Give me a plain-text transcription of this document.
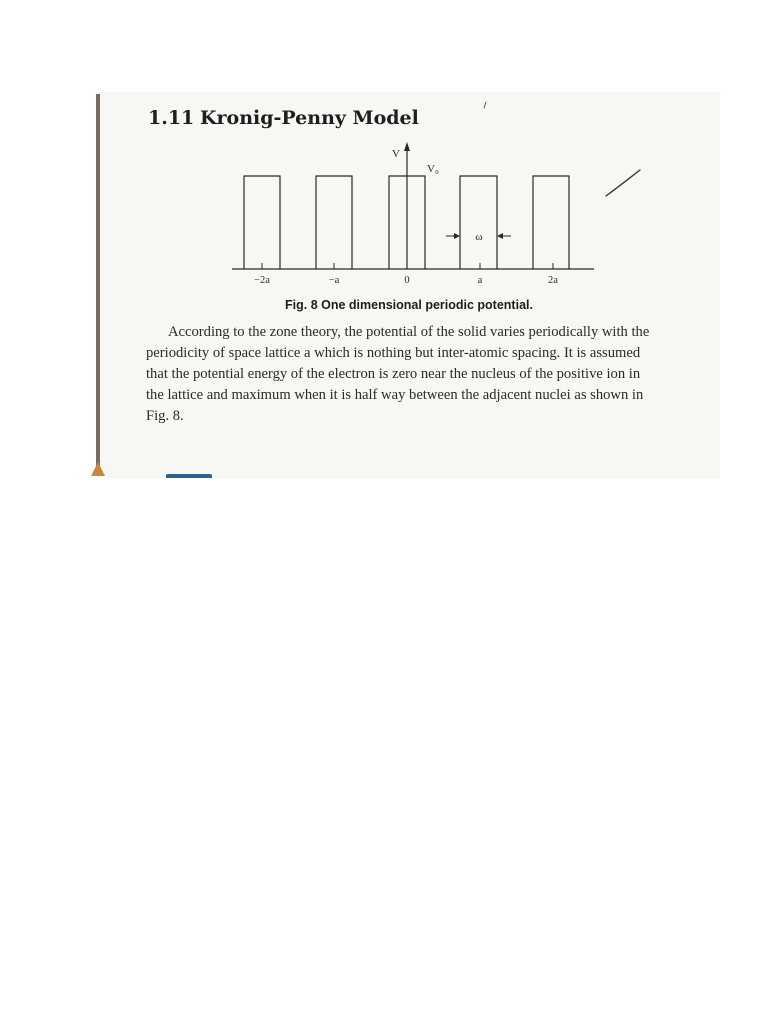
1.11 Kronig-Penny Model
V
V₀
−2a	−a	0	a	2a
ω
Fig. 8 One dimensional periodic potential.
According to the zone theory, the potential of the solid varies periodically with the
periodicity of space lattice a which is nothing but inter-atomic spacing. It is assumed
that the potential energy of the electron is zero near the nucleus of the positive ion in
the lattice and maximum when it is half way between the adjacent nuclei as shown in
Fig. 8.
